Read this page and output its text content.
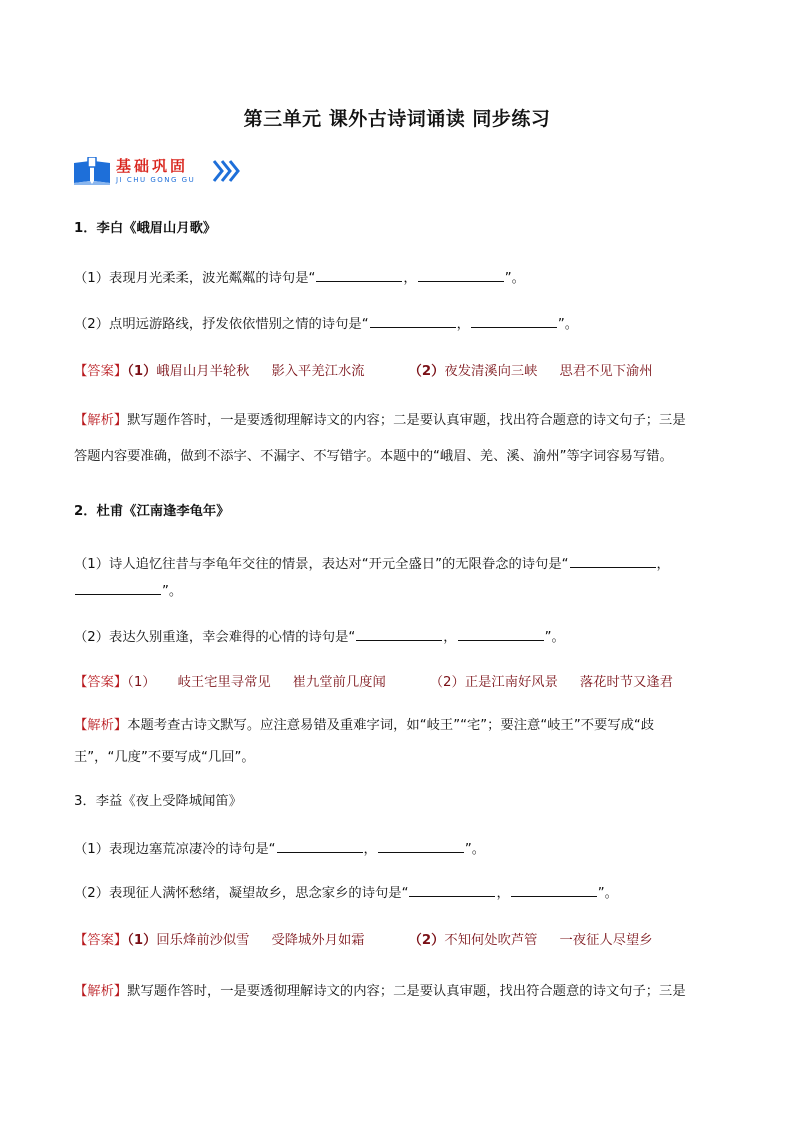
第三单元 课外古诗词诵读 同步练习
基础巩固
JI CHU GONG GU
1．李白《峨眉山月歌》
（1）表现月光柔柔，波光粼粼的诗句是“	，	”。
（2）点明远游路线，抒发依依惜别之情的诗句是“	，	”。
【答案】（1）峨眉山月半轮秋 影入平羌江水流	（2）夜发清溪向三峡 思君不见下渝州
【解析】默写题作答时，一是要透彻理解诗文的内容；二是要认真审题，找出符合题意的诗文句子；三是
答题内容要准确，做到不添字、不漏字、不写错字。本题中的“峨眉、羌、溪、渝州”等字词容易写错。
2．杜甫《江南逢李龟年》
（1）诗人追忆往昔与李龟年交往的情景，表达对“开元全盛日”的无限眷念的诗句是“	，
”。
（2）表达久别重逢，幸会难得的心情的诗句是“	，	”。
【答案】（1） 岐王宅里寻常见 崔九堂前几度闻	（2）正是江南好风景 落花时节又逢君
【解析】本题考查古诗文默写。应注意易错及重难字词，如“岐王”“宅”；要注意“岐王”不要写成“歧
王”，“几度”不要写成“几回”。
3．李益《夜上受降城闻笛》
（1）表现边塞荒凉凄冷的诗句是“	，	”。
（2）表现征人满怀愁绪，凝望故乡，思念家乡的诗句是“	，	”。
【答案】（1）回乐烽前沙似雪 受降城外月如霜	（2）不知何处吹芦管 一夜征人尽望乡
【解析】默写题作答时，一是要透彻理解诗文的内容；二是要认真审题，找出符合题意的诗文句子；三是
